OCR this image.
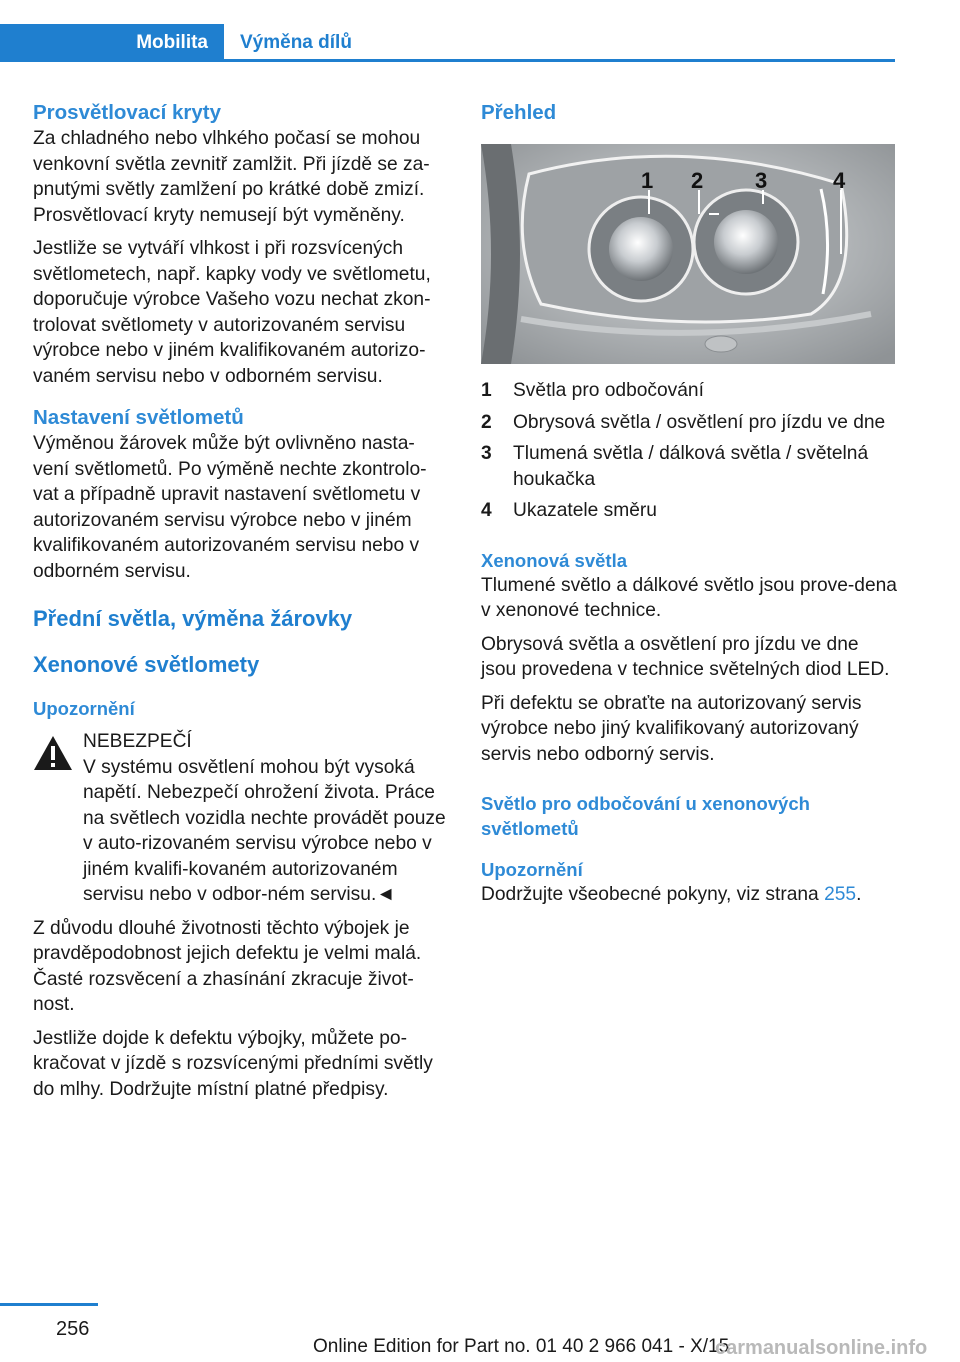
Mobilita	Výměna dílů
Prosvětlovací kryty

Za chladného nebo vlhkého počasí se mohou venkovní světla zevnitř zamlžit. Při jízdě se za‐pnutými světly zamlžení po krátké době zmizí. Prosvětlovací kryty nemusejí být vyměněny.

Jestliže se vytváří vlhkost i při rozsvícených světlometech, např. kapky vody ve světlometu, doporučuje výrobce Vašeho vozu nechat zkon‐trolovat světlomety v autorizovaném servisu výrobce nebo v jiném kvalifikovaném autorizo‐vaném servisu nebo v odborném servisu.

Nastavení světlometů

Výměnou žárovek může být ovlivněno nasta‐vení světlometů. Po výměně nechte zkontrolo‐vat a případně upravit nastavení světlometu v autorizovaném servisu výrobce nebo v jiném kvalifikovaném autorizovaném servisu nebo v odborném servisu.

Přední světla, výměna žárovky
Xenonové světlomety
Upozornění
NEBEZPEČÍ

V systému osvětlení mohou být vysoká napětí. Nebezpečí ohrožení života. Práce na světlech vozidla nechte provádět pouze v auto‐rizovaném servisu výrobce nebo v jiném kvalifi‐kovaném autorizovaném servisu nebo v odbor‐ném servisu.◄

Z důvodu dlouhé životnosti těchto výbojek je pravděpodobnost jejich defektu je velmi malá. Časté rozsvěcení a zhasínání zkracuje život‐nost.

Jestliže dojde k defektu výbojky, můžete po‐kračovat v jízdě s rozsvícenými předními světly do mlhy. Dodržujte místní platné předpisy.

Přehled
1 2 3	4
1	Světla pro odbočování
2	Obrysová světla / osvětlení pro jízdu ve dne
3	Tlumená světla / dálková světla / světelná houkačka
4	Ukazatele směru
Xenonová světla

Tlumené světlo a dálkové světlo jsou prove‐dena v xenonové technice.

Obrysová světla a osvětlení pro jízdu ve dne jsou provedena v technice světelných diod LED.

Při defektu se obraťte na autorizovaný servis výrobce nebo jiný kvalifikovaný autorizovaný servis nebo odborný servis.

Světlo pro odbočování u xenonových světlometů
Upozornění

Dodržujte všeobecné pokyny, viz strana 255.

256
Online Edition for Part no. 01 40 2 966 041 - X/15
carmanualsonline.info
